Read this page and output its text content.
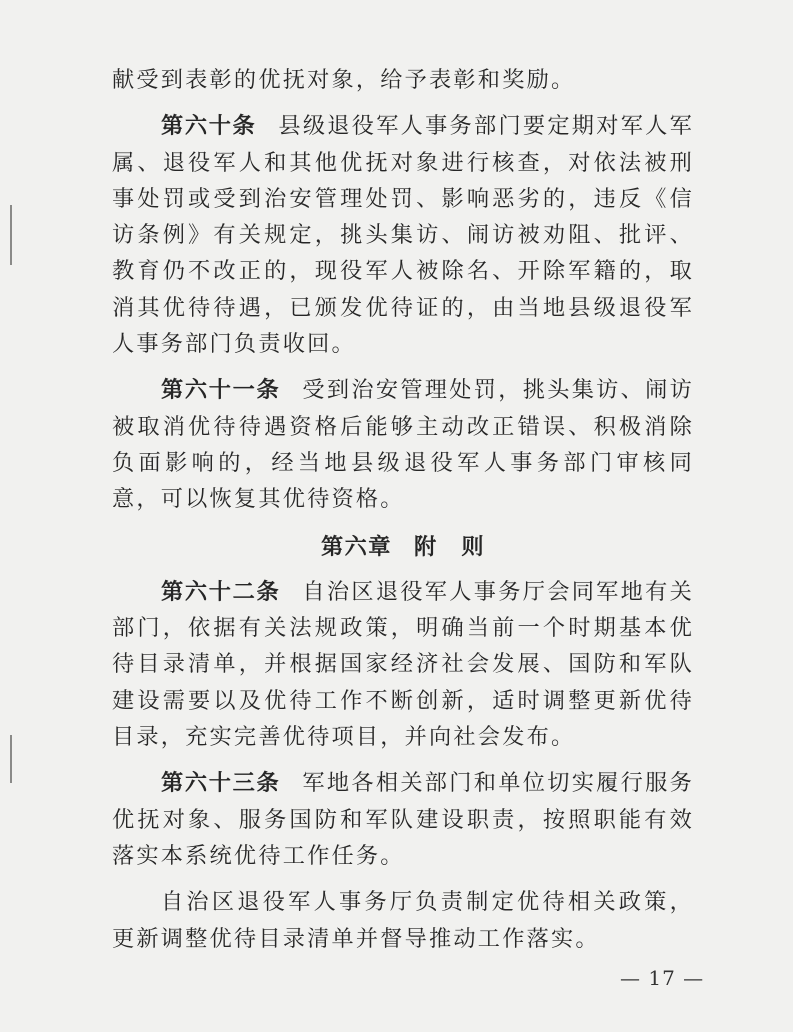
献受到表彰的优抚对象，给予表彰和奖励。

第六十条 县级退役军人事务部门要定期对军人军属、退役军人和其他优抚对象进行核查，对依法被刑事处罚或受到治安管理处罚、影响恶劣的，违反《信访条例》有关规定，挑头集访、闹访被劝阻、批评、教育仍不改正的，现役军人被除名、开除军籍的，取消其优待待遇，已颁发优待证的，由当地县级退役军人事务部门负责收回。

第六十一条 受到治安管理处罚，挑头集访、闹访被取消优待待遇资格后能够主动改正错误、积极消除负面影响的，经当地县级退役军人事务部门审核同意，可以恢复其优待资格。

第六章 附　则

第六十二条 自治区退役军人事务厅会同军地有关部门，依据有关法规政策，明确当前一个时期基本优待目录清单，并根据国家经济社会发展、国防和军队建设需要以及优待工作不断创新，适时调整更新优待目录，充实完善优待项目，并向社会发布。

第六十三条 军地各相关部门和单位切实履行服务优抚对象、服务国防和军队建设职责，按照职能有效落实本系统优待工作任务。

自治区退役军人事务厅负责制定优待相关政策，更新调整优待目录清单并督导推动工作落实。

— 17 —
